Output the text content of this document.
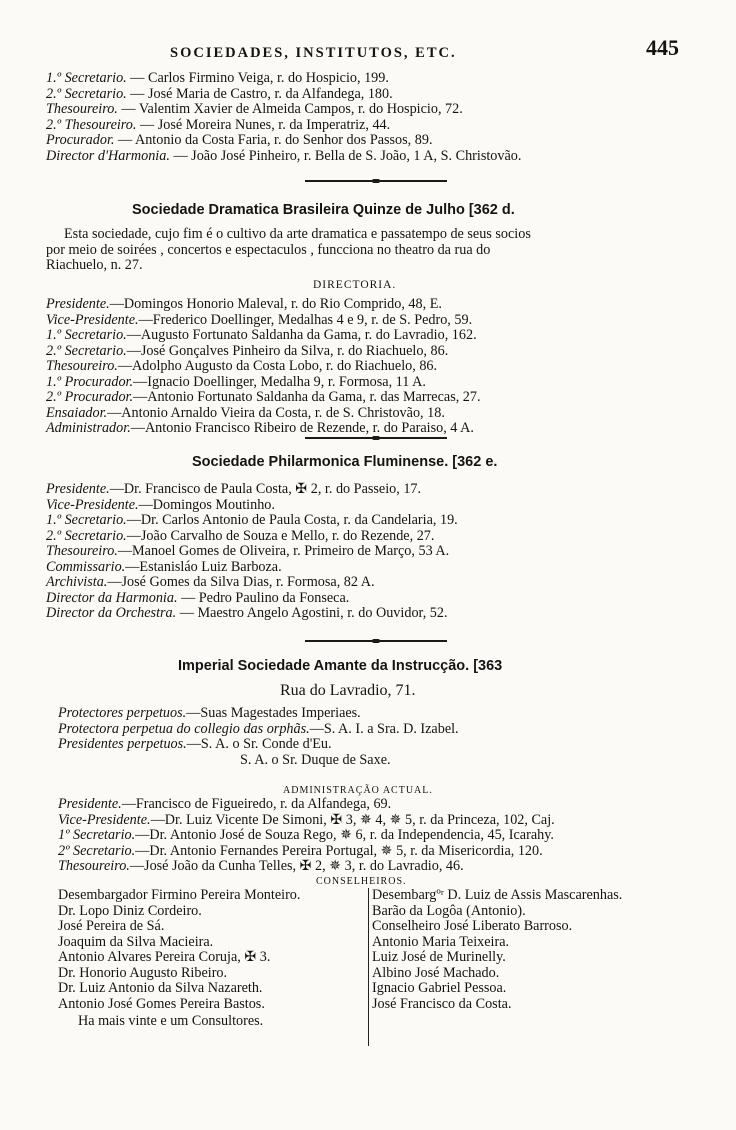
SOCIEDADES, INSTITUTOS, ETC.	445
1.º Secretario. — Carlos Firmino Veiga, r. do Hospicio, 199.
2.º Secretario. — José Maria de Castro, r. da Alfandega, 180.
Thesoureiro. — Valentim Xavier de Almeida Campos, r. do Hospicio, 72.
2.º Thesoureiro. — José Moreira Nunes, r. da Imperatriz, 44.
Procurador. — Antonio da Costa Faria, r. do Senhor dos Passos, 89.
Director d'Harmonia. — João José Pinheiro, r. Bella de S. João, 1 A, S. Christovão.
Sociedade Dramatica Brasileira Quinze de Julho [362 d.
Esta sociedade, cujo fim é o cultivo da arte dramatica e passatempo de seus socios
por meio de soirées , concertos e espectaculos , funcciona no theatro da rua do
Riachuelo, n. 27.
DIRECTORIA.
Presidente.—Domingos Honorio Maleval, r. do Rio Comprido, 48, E.
Vice-Presidente.—Frederico Doellinger, Medalhas 4 e 9, r. de S. Pedro, 59.
1.º Secretario.—Augusto Fortunato Saldanha da Gama, r. do Lavradio, 162.
2.º Secretario.—José Gonçalves Pinheiro da Silva, r. do Riachuelo, 86.
Thesoureiro.—Adolpho Augusto da Costa Lobo, r. do Riachuelo, 86.
1.º Procurador.—Ignacio Doellinger, Medalha 9, r. Formosa, 11 A.
2.º Procurador.—Antonio Fortunato Saldanha da Gama, r. das Marrecas, 27.
Ensaiador.—Antonio Arnaldo Vieira da Costa, r. de S. Christovão, 18.
Administrador.—Antonio Francisco Ribeiro de Rezende, r. do Paraiso, 4 A.
Sociedade Philarmonica Fluminense. [362 e.
Presidente.—Dr. Francisco de Paula Costa, ✠ 2, r. do Passeio, 17.
Vice-Presidente.—Domingos Moutinho.
1.º Secretario.—Dr. Carlos Antonio de Paula Costa, r. da Candelaria, 19.
2.º Secretario.—João Carvalho de Souza e Mello, r. do Rezende, 27.
Thesoureiro.—Manoel Gomes de Oliveira, r. Primeiro de Março, 53 A.
Commissario.—Estanisláo Luiz Barboza.
Archivista.—José Gomes da Silva Dias, r. Formosa, 82 A.
Director da Harmonia. — Pedro Paulino da Fonseca.
Director da Orchestra. — Maestro Angelo Agostini, r. do Ouvidor, 52.
Imperial Sociedade Amante da Instrucção. [363
Rua do Lavradio, 71.
Protectores perpetuos.—Suas Magestades Imperiaes.
Protectora perpetua do collegio das orphãs.—S. A. I. a Sra. D. Izabel.
Presidentes perpetuos.—S. A. o Sr. Conde d'Eu.
S. A. o Sr. Duque de Saxe.
ADMINISTRAÇÃO ACTUAL.
Presidente.—Francisco de Figueiredo, r. da Alfandega, 69.
Vice-Presidente.—Dr. Luiz Vicente De Simoni, ✠ 3, ✵ 4, ✵ 5, r. da Princeza, 102, Caj.
1º Secretario.—Dr. Antonio José de Souza Rego, ✵ 6, r. da Independencia, 45, Icarahy.
2º Secretario.—Dr. Antonio Fernandes Pereira Portugal, ✵ 5, r. da Misericordia, 120.
Thesoureiro.—José João da Cunha Telles, ✠ 2, ✵ 3, r. do Lavradio, 46.
CONSELHEIROS.
Desembargador Firmino Pereira Monteiro.
Dr. Lopo Diniz Cordeiro.
José Pereira de Sá.
Joaquim da Silva Macieira.
Antonio Alvares Pereira Coruja, ✠ 3.
Dr. Honorio Augusto Ribeiro.
Dr. Luiz Antonio da Silva Nazareth.
Antonio José Gomes Pereira Bastos.
Ha mais vinte e um Consultores.
Desembargºʳ D. Luiz de Assis Mascarenhas.
Barão da Logôa (Antonio).
Conselheiro José Liberato Barroso.
Antonio Maria Teixeira.
Luiz José de Murinelly.
Albino José Machado.
Ignacio Gabriel Pessoa.
José Francisco da Costa.
